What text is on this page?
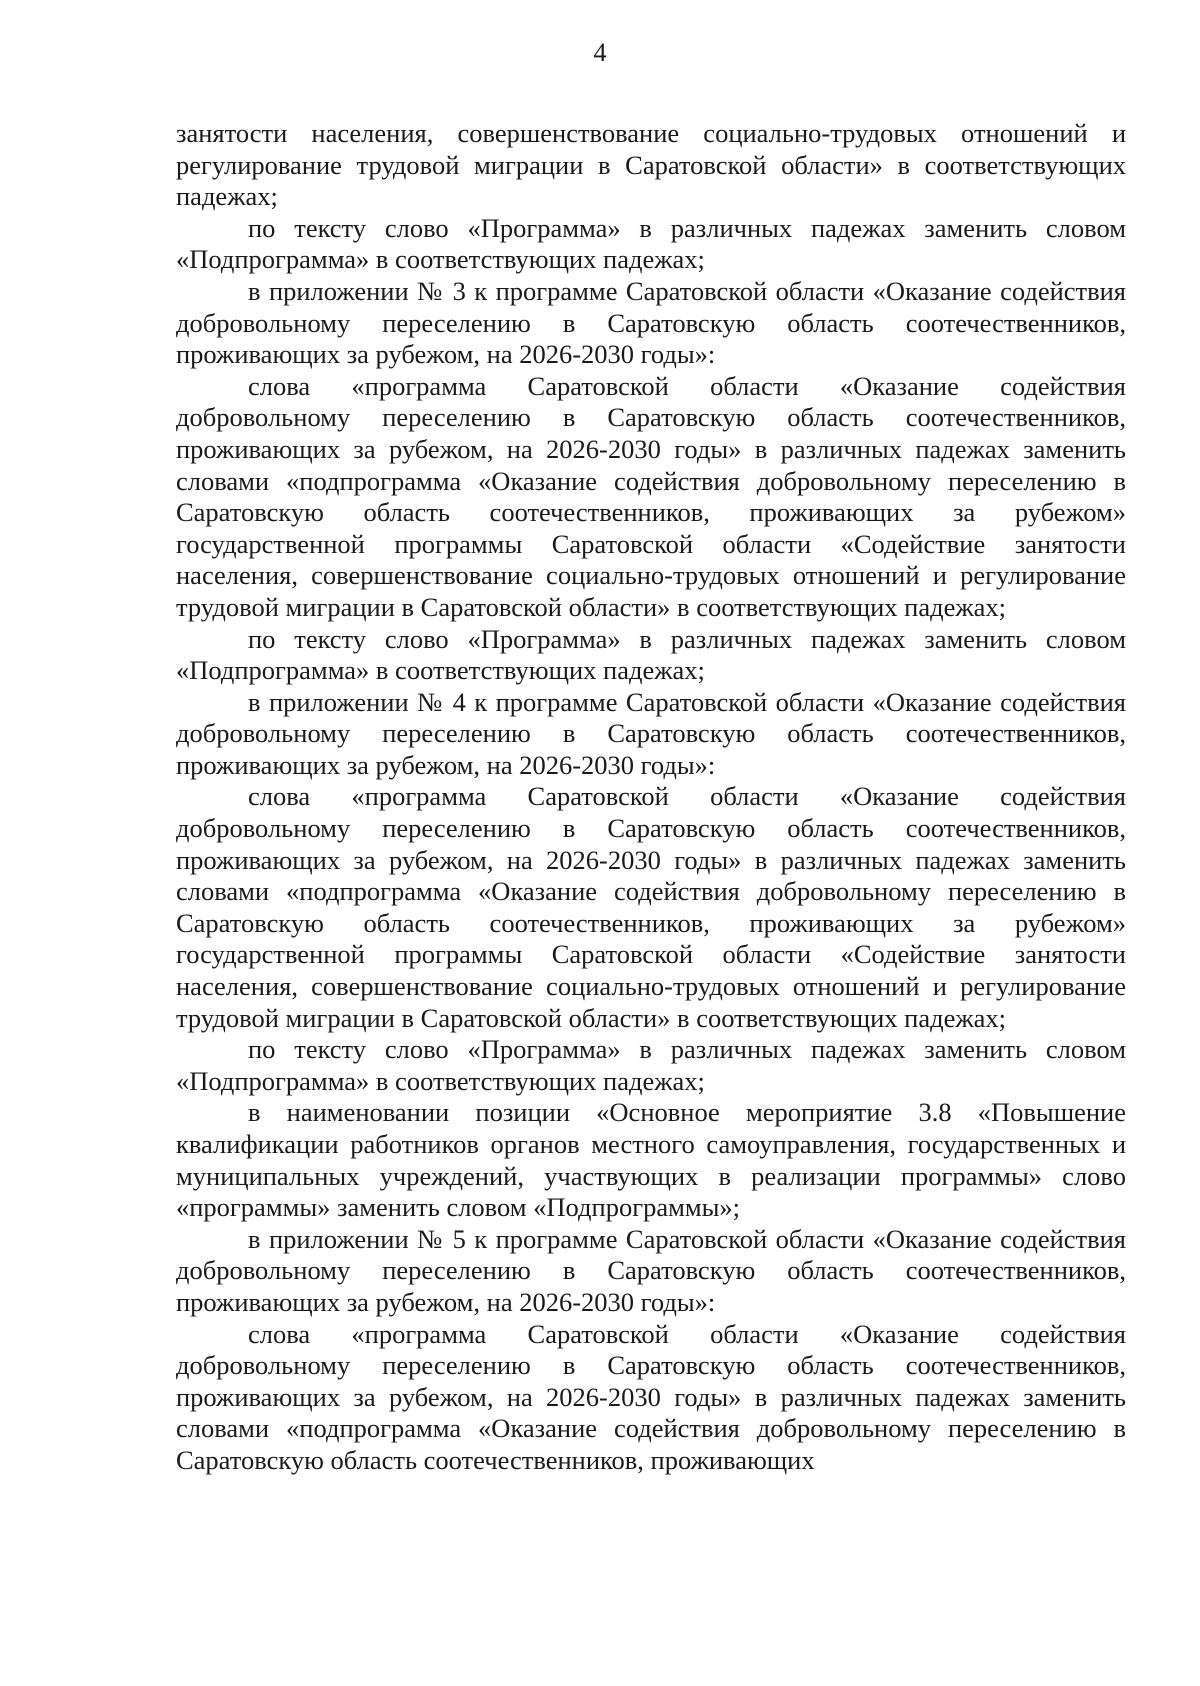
4

занятости населения, совершенствование социально-трудовых отношений и регулирование трудовой миграции в Саратовской области» в соответствующих падежах;

по тексту слово «Программа» в различных падежах заменить словом «Подпрограмма» в соответствующих падежах;

в приложении № 3 к программе Саратовской области «Оказание содействия добровольному переселению в Саратовскую область соотечественников, проживающих за рубежом, на 2026-2030 годы»:

слова «программа Саратовской области «Оказание содействия добровольному переселению в Саратовскую область соотечественников, проживающих за рубежом, на 2026-2030 годы» в различных падежах заменить словами «подпрограмма «Оказание содействия добровольному переселению в Саратовскую область соотечественников, проживающих за рубежом» государственной программы Саратовской области «Содействие занятости населения, совершенствование социально-трудовых отношений и регулирование трудовой миграции в Саратовской области» в соответствующих падежах;

по тексту слово «Программа» в различных падежах заменить словом «Подпрограмма» в соответствующих падежах;

в приложении № 4 к программе Саратовской области «Оказание содействия добровольному переселению в Саратовскую область соотечественников, проживающих за рубежом, на 2026-2030 годы»:

слова «программа Саратовской области «Оказание содействия добровольному переселению в Саратовскую область соотечественников, проживающих за рубежом, на 2026-2030 годы» в различных падежах заменить словами «подпрограмма «Оказание содействия добровольному переселению в Саратовскую область соотечественников, проживающих за рубежом» государственной программы Саратовской области «Содействие занятости населения, совершенствование социально-трудовых отношений и регулирование трудовой миграции в Саратовской области» в соответствующих падежах;

по тексту слово «Программа» в различных падежах заменить словом «Подпрограмма» в соответствующих падежах;

в наименовании позиции «Основное мероприятие 3.8 «Повышение квалификации работников органов местного самоуправления, государственных и муниципальных учреждений, участвующих в реализации программы» слово «программы» заменить словом «Подпрограммы»;

в приложении № 5 к программе Саратовской области «Оказание содействия добровольному переселению в Саратовскую область соотечественников, проживающих за рубежом, на 2026-2030 годы»:

слова «программа Саратовской области «Оказание содействия добровольному переселению в Саратовскую область соотечественников, проживающих за рубежом, на 2026-2030 годы» в различных падежах заменить словами «подпрограмма «Оказание содействия добровольному переселению в Саратовскую область соотечественников, проживающих
